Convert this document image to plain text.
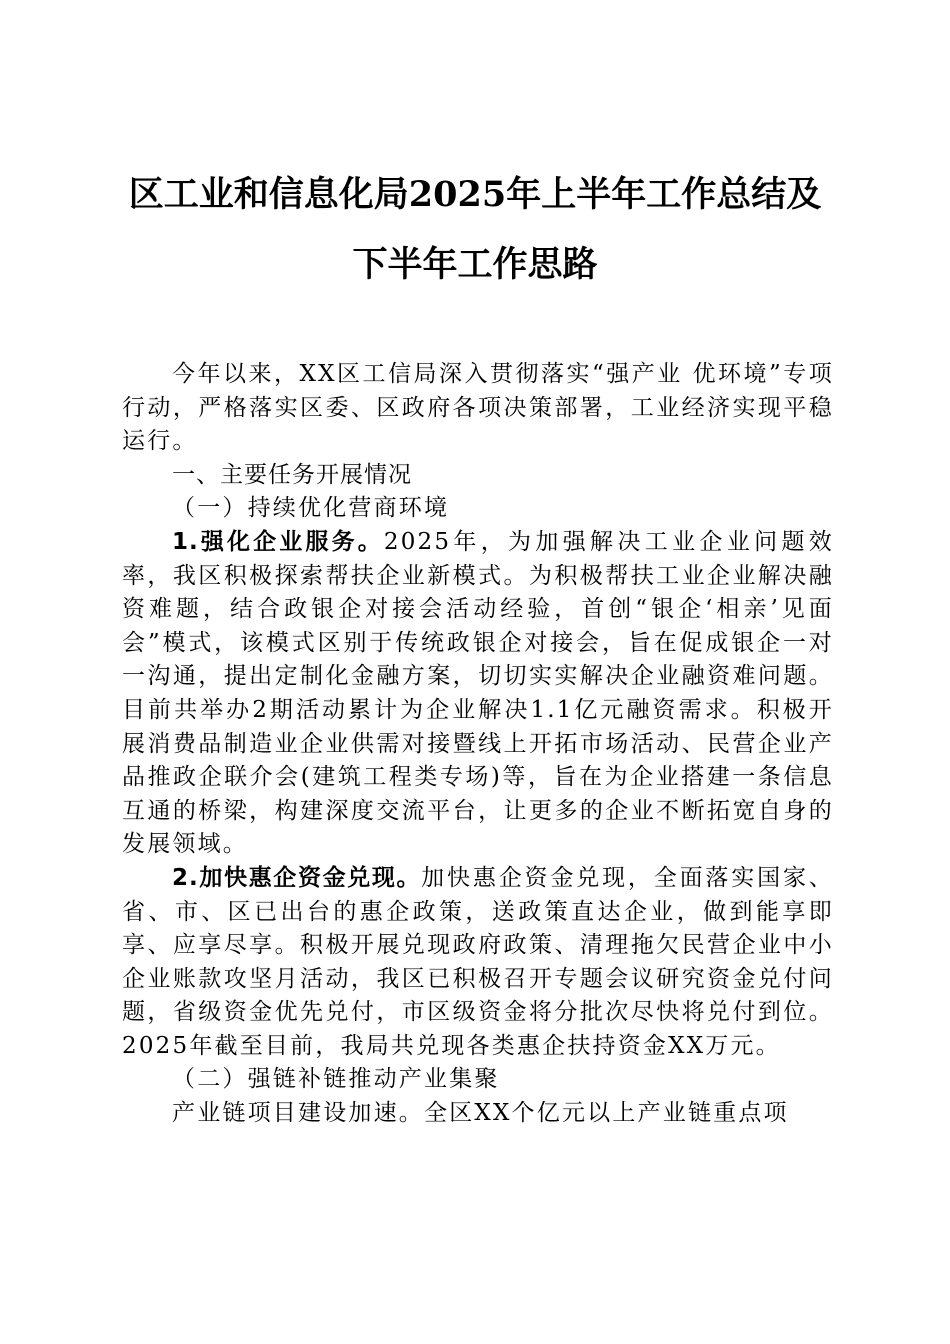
区工业和信息化局2025年上半年工作总结及
下半年工作思路

今年以来，XX区工信局深入贯彻落实“强产业 优环境”专项行动，严格落实区委、区政府各项决策部署，工业经济实现平稳运行。

一、主要任务开展情况

（一）持续优化营商环境

1.强化企业服务。2025年，为加强解决工业企业问题效率，我区积极探索帮扶企业新模式。为积极帮扶工业企业解决融资难题，结合政银企对接会活动经验，首创“银企‘相亲’见面会”模式，该模式区别于传统政银企对接会，旨在促成银企一对一沟通，提出定制化金融方案，切切实实解决企业融资难问题。目前共举办2期活动累计为企业解决1.1亿元融资需求。积极开展消费品制造业企业供需对接暨线上开拓市场活动、民营企业产品推政企联介会(建筑工程类专场)等，旨在为企业搭建一条信息互通的桥梁，构建深度交流平台，让更多的企业不断拓宽自身的发展领域。

2.加快惠企资金兑现。加快惠企资金兑现，全面落实国家、省、市、区已出台的惠企政策，送政策直达企业，做到能享即享、应享尽享。积极开展兑现政府政策、清理拖欠民营企业中小企业账款攻坚月活动，我区已积极召开专题会议研究资金兑付问题，省级资金优先兑付，市区级资金将分批次尽快将兑付到位。2025年截至目前，我局共兑现各类惠企扶持资金XX万元。

（二）强链补链推动产业集聚

产业链项目建设加速。全区XX个亿元以上产业链重点项
